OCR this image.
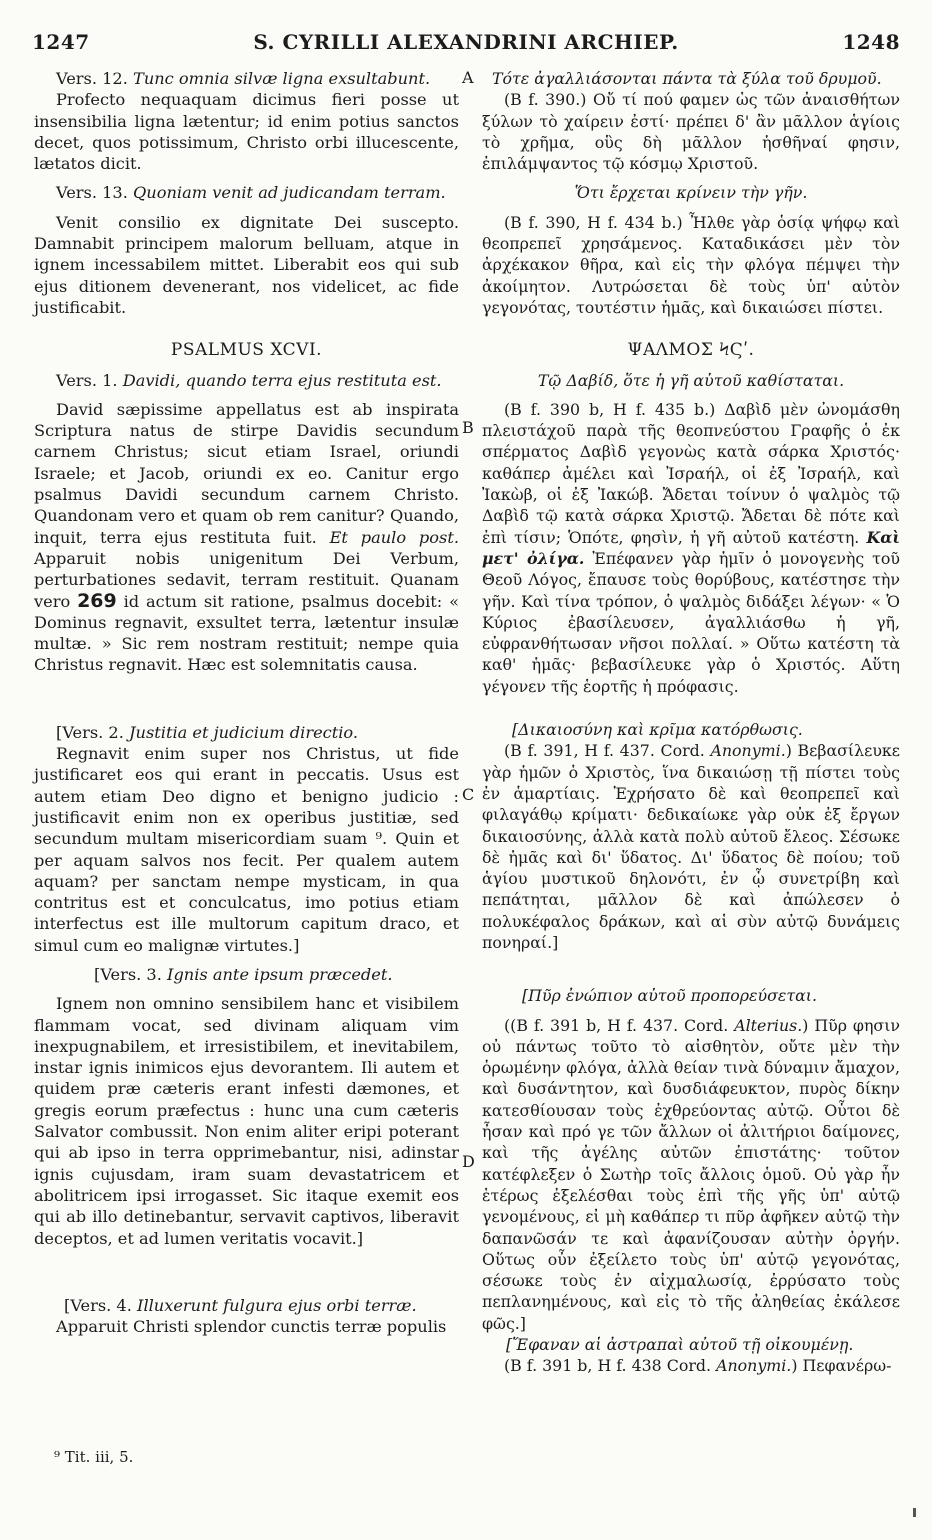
1247	S. CYRILLI ALEXANDRINI ARCHIEP.	1248
A
B
C
D
Vers. 12. Tunc omnia silvæ ligna exsultabunt.

Profecto nequaquam dicimus fieri posse ut insensibilia ligna lætentur; id enim potius sanctos decet, quos potissimum, Christo orbi illucescente, lætatos dicit.

Vers. 13. Quoniam venit ad judicandam terram.

Venit consilio ex dignitate Dei suscepto. Damnabit principem malorum belluam, atque in ignem incessabilem mittet. Liberabit eos qui sub ejus ditionem devenerant, nos videlicet, ac fide justificabit.

PSALMUS XCVI.
Vers. 1. Davidi, quando terra ejus restituta est.

David sæpissime appellatus est ab inspirata Scriptura natus de stirpe Davidis secundum carnem Christus; sicut etiam Israel, oriundi Israele; et Jacob, oriundi ex eo. Canitur ergo psalmus Davidi secundum carnem Christo. Quandonam vero et quam ob rem canitur? Quando, inquit, terra ejus restituta fuit. Et paulo post. Apparuit nobis unigenitum Dei Verbum, perturbationes sedavit, terram restituit. Quanam vero 269 id actum sit ratione, psalmus docebit: « Dominus regnavit, exsultet terra, lætentur insulæ multæ. » Sic rem nostram restituit; nempe quia Christus regnavit. Hæc est solemnitatis causa.

[Vers. 2. Justitia et judicium directio.

Regnavit enim super nos Christus, ut fide justificaret eos qui erant in peccatis. Usus est autem etiam Deo digno et benigno judicio : justificavit enim non ex operibus justitiæ, sed secundum multam misericordiam suam ⁹. Quin et per aquam salvos nos fecit. Per qualem autem aquam? per sanctam nempe mysticam, in qua contritus est et conculcatus, imo potius etiam interfectus est ille multorum capitum draco, et simul cum eo malignæ virtutes.]

[Vers. 3. Ignis ante ipsum præcedet.

Ignem non omnino sensibilem hanc et visibilem flammam vocat, sed divinam aliquam vim inexpugnabilem, et irresistibilem, et inevitabilem, instar ignis inimicos ejus devorantem. Ili autem et quidem præ cæteris erant infesti dæmones, et gregis eorum præfectus : hunc una cum cæteris Salvator combussit. Non enim aliter eripi poterant qui ab ipso in terra opprimebantur, nisi, adinstar ignis cujusdam, iram suam devastatricem et abolitricem ipsi irrogasset. Sic itaque exemit eos qui ab illo detinebantur, servavit captivos, liberavit deceptos, et ad lumen veritatis vocavit.]

[Vers. 4. Illuxerunt fulgura ejus orbi terræ.

Apparuit Christi splendor cunctis terræ populis

Τότε ἀγαλλιάσονται πάντα τὰ ξύλα τοῦ δρυμοῦ.

(B f. 390.) Οὔ τί πού φαμεν ὡς τῶν ἀναισθήτων ξύλων τὸ χαίρειν ἐστί· πρέπει δ' ἂν μᾶλλον ἁγίοις τὸ χρῆμα, οὓς δὴ μᾶλλον ἡσθῆναί φησιν, ἐπιλάμψαντος τῷ κόσμῳ Χριστοῦ.

Ὅτι ἔρχεται κρίνειν τὴν γῆν.

(B f. 390, H f. 434 b.) Ἦλθε γὰρ ὁσίᾳ ψήφῳ καὶ θεοπρεπεῖ χρησάμενος. Καταδικάσει μὲν τὸν ἀρχέκακον θῆρα, καὶ εἰς τὴν φλόγα πέμψει τὴν ἀκοίμητον. Λυτρώσεται δὲ τοὺς ὑπ' αὐτὸν γεγονότας, τουτέστιν ἡμᾶς, καὶ δικαιώσει πίστει.

ΨΑΛΜΟΣ ϞϚʹ.
Τῷ Δαβίδ, ὅτε ἡ γῆ αὐτοῦ καθίσταται.

(B f. 390 b, H f. 435 b.) Δαβὶδ μὲν ὠνομάσθη πλειστάχοῦ παρὰ τῆς θεοπνεύστου Γραφῆς ὁ ἐκ σπέρματος Δαβὶδ γεγονὼς κατὰ σάρκα Χριστός· καθάπερ ἀμέλει καὶ Ἰσραήλ, οἱ ἐξ Ἰσραήλ, καὶ Ἰακὼβ, οἱ ἐξ Ἰακώβ. Ἄδεται τοίνυν ὁ ψαλμὸς τῷ Δαβὶδ τῷ κατὰ σάρκα Χριστῷ. Ἄδεται δὲ πότε καὶ ἐπὶ τίσιν; Ὁπότε, φησὶν, ἡ γῆ αὐτοῦ κατέστη. Καὶ μετ' ὀλίγα. Ἐπέφανεν γὰρ ἡμῖν ὁ μονογενὴς τοῦ Θεοῦ Λόγος, ἔπαυσε τοὺς θορύβους, κατέστησε τὴν γῆν. Καὶ τίνα τρόπον, ὁ ψαλμὸς διδάξει λέγων· « Ὁ Κύριος ἐβασίλευσεν, ἀγαλλιάσθω ἡ γῆ, εὐφρανθήτωσαν νῆσοι πολλαί. » Οὕτω κατέστη τὰ καθ' ἡμᾶς· βεβασίλευκε γὰρ ὁ Χριστός. Αὕτη γέγονεν τῆς ἑορτῆς ἡ πρόφασις.

[Δικαιοσύνη καὶ κρῖμα κατόρθωσις.

(B f. 391, H f. 437. Cord. Anonymi.) Βεβασίλευκε γὰρ ἡμῶν ὁ Χριστὸς, ἵνα δικαιώσῃ τῇ πίστει τοὺς ἐν ἁμαρτίαις. Ἐχρήσατο δὲ καὶ θεοπρεπεῖ καὶ φιλαγάθῳ κρίματι· δεδικαίωκε γὰρ οὐκ ἐξ ἔργων δικαιοσύνης, ἀλλὰ κατὰ πολὺ αὐτοῦ ἔλεος. Σέσωκε δὲ ἡμᾶς καὶ δι' ὕδατος. Δι' ὕδατος δὲ ποίου; τοῦ ἁγίου μυστικοῦ δηλονότι, ἐν ᾧ συνετρίβη καὶ πεπάτηται, μᾶλλον δὲ καὶ ἀπώλεσεν ὁ πολυκέφαλος δράκων, καὶ αἱ σὺν αὐτῷ δυνάμεις πονηραί.]

[Πῦρ ἐνώπιον αὐτοῦ προπορεύσεται.

((B f. 391 b, H f. 437. Cord. Alterius.) Πῦρ φησιν οὐ πάντως τοῦτο τὸ αἰσθητὸν, οὔτε μὲν τὴν ὁρωμένην φλόγα, ἀλλὰ θείαν τινὰ δύναμιν ἄμαχον, καὶ δυσάντητον, καὶ δυσδιάφευκτον, πυρὸς δίκην κατεσθίουσαν τοὺς ἐχθρεύοντας αὐτῷ. Οὗτοι δὲ ἦσαν καὶ πρό γε τῶν ἄλλων οἱ ἀλιτήριοι δαίμονες, καὶ τῆς ἀγέλης αὐτῶν ἐπιστάτης· τοῦτον κατέφλεξεν ὁ Σωτὴρ τοῖς ἄλλοις ὁμοῦ. Οὐ γὰρ ἦν ἑτέρως ἐξελέσθαι τοὺς ἐπὶ τῆς γῆς ὑπ' αὐτῷ γενομένους, εἰ μὴ καθάπερ τι πῦρ ἀφῆκεν αὐτῷ τὴν δαπανῶσάν τε καὶ ἀφανίζουσαν αὐτὴν ὀργήν. Οὕτως οὖν ἐξείλετο τοὺς ὑπ' αὐτῷ γεγονότας, σέσωκε τοὺς ἐν αἰχμαλωσίᾳ, ἐρρύσατο τοὺς πεπλανημένους, καὶ εἰς τὸ τῆς ἀληθείας ἐκάλεσε φῶς.]

[Ἔφαναν αἱ ἀστραπαὶ αὐτοῦ τῇ οἰκουμένῃ.

(B f. 391 b, H f. 438 Cord. Anonymi.) Πεφανέρω-

⁹ Tit. iii, 5.
